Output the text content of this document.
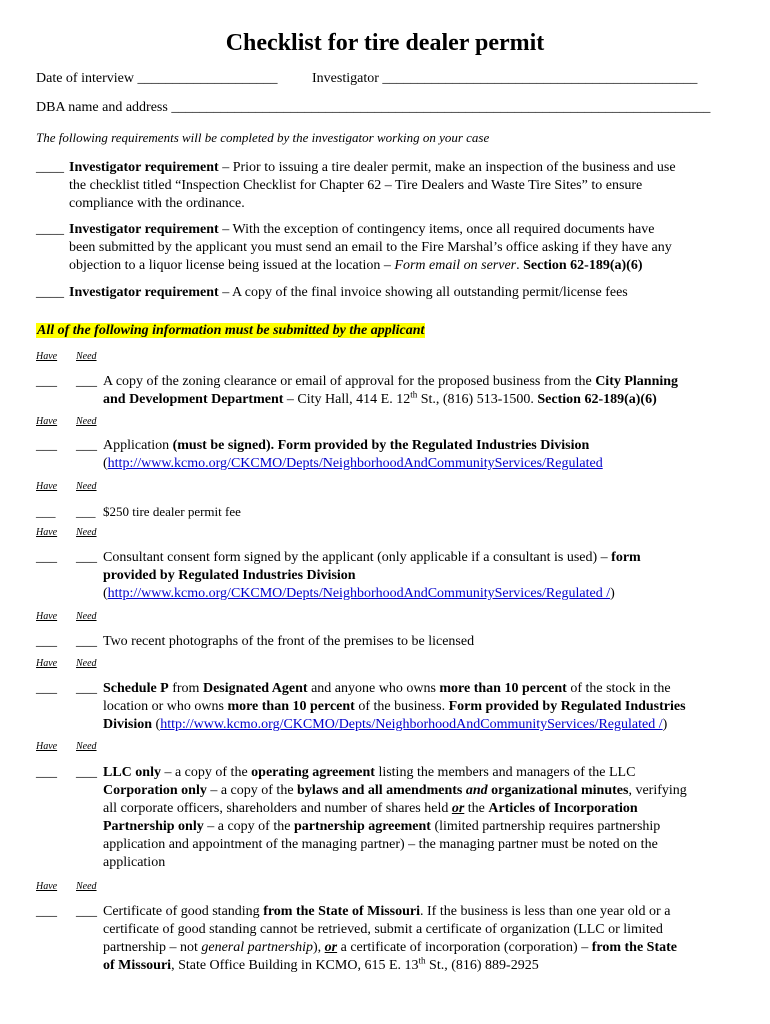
Checklist for tire dealer permit
Date of interview ____________________ Investigator _____________________________________________
DBA name and address _____________________________________________________________________________
The following requirements will be completed by the investigator working on your case
____ Investigator requirement – Prior to issuing a tire dealer permit, make an inspection of the business and use
the checklist titled “Inspection Checklist for Chapter 62 – Tire Dealers and Waste Tire Sites” to ensure
compliance with the ordinance.
____ Investigator requirement – With the exception of contingency items, once all required documents have
been submitted by the applicant you must send an email to the Fire Marshal’s office asking if they have any
objection to a liquor license being issued at the location – Form email on server. Section 62-189(a)(6)
____ Investigator requirement – A copy of the final invoice showing all outstanding permit/license fees
All of the following information must be submitted by the applicant
Have Need
___ ___ A copy of the zoning clearance or email of approval for the proposed business from the City Planning
and Development Department – City Hall, 414 E. 12th St., (816) 513-1500. Section 62-189(a)(6)
Have Need
___ ___ Application (must be signed). Form provided by the Regulated Industries Division
(http://www.kcmo.org/CKCMO/Depts/NeighborhoodAndCommunityServices/Regulated
Have Need
___ ___ $250 tire dealer permit fee
Have Need
___ ___ Consultant consent form signed by the applicant (only applicable if a consultant is used) – form
provided by Regulated Industries Division
(http://www.kcmo.org/CKCMO/Depts/NeighborhoodAndCommunityServices/Regulated /)
Have Need
___ ___ Two recent photographs of the front of the premises to be licensed
Have Need
___ ___ Schedule P from Designated Agent and anyone who owns more than 10 percent of the stock in the
location or who owns more than 10 percent of the business. Form provided by Regulated Industries
Division (http://www.kcmo.org/CKCMO/Depts/NeighborhoodAndCommunityServices/Regulated /)
Have Need
___ ___ LLC only – a copy of the operating agreement listing the members and managers of the LLC
Corporation only – a copy of the bylaws and all amendments and organizational minutes, verifying
all corporate officers, shareholders and number of shares held or the Articles of Incorporation
Partnership only – a copy of the partnership agreement (limited partnership requires partnership
application and appointment of the managing partner) – the managing partner must be noted on the
application
Have Need
___ ___ Certificate of good standing from the State of Missouri. If the business is less than one year old or a
certificate of good standing cannot be retrieved, submit a certificate of organization (LLC or limited
partnership – not general partnership), or a certificate of incorporation (corporation) – from the State
of Missouri, State Office Building in KCMO, 615 E. 13th St., (816) 889-2925
